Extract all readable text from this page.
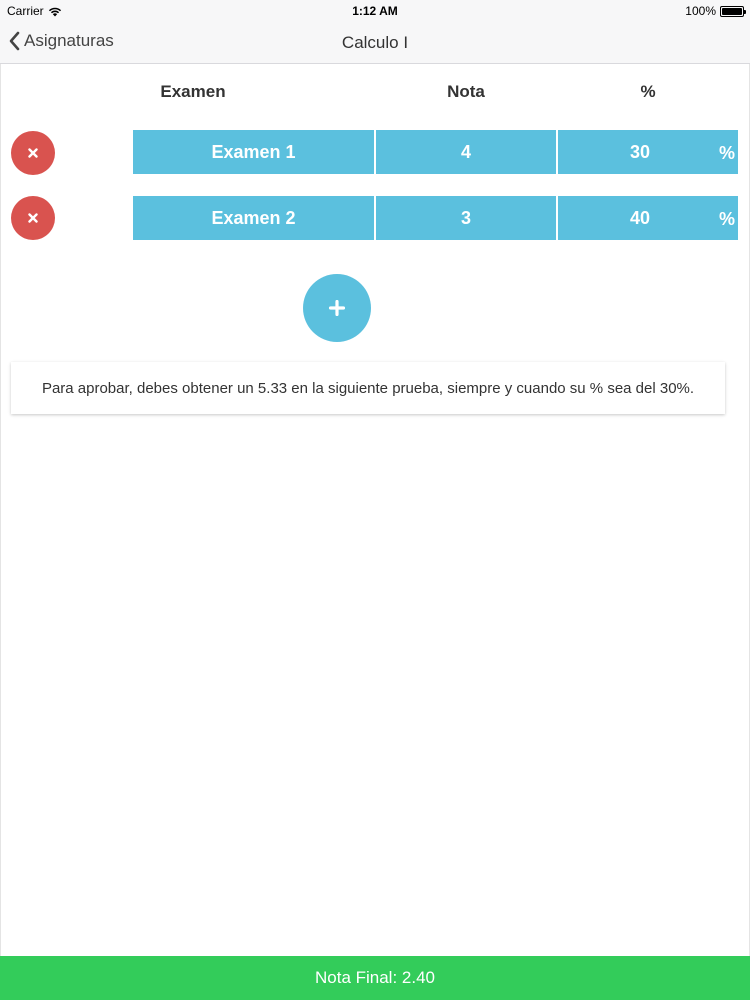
Carrier	1:12 AM	100%
Asignaturas	Calculo I
Examen	Nota	%
Examen 1	4	30	%
Examen 2	3	40	%
Para aprobar, debes obtener un 5.33 en la siguiente prueba, siempre y cuando su % sea del 30%.
Nota Final: 2.40
